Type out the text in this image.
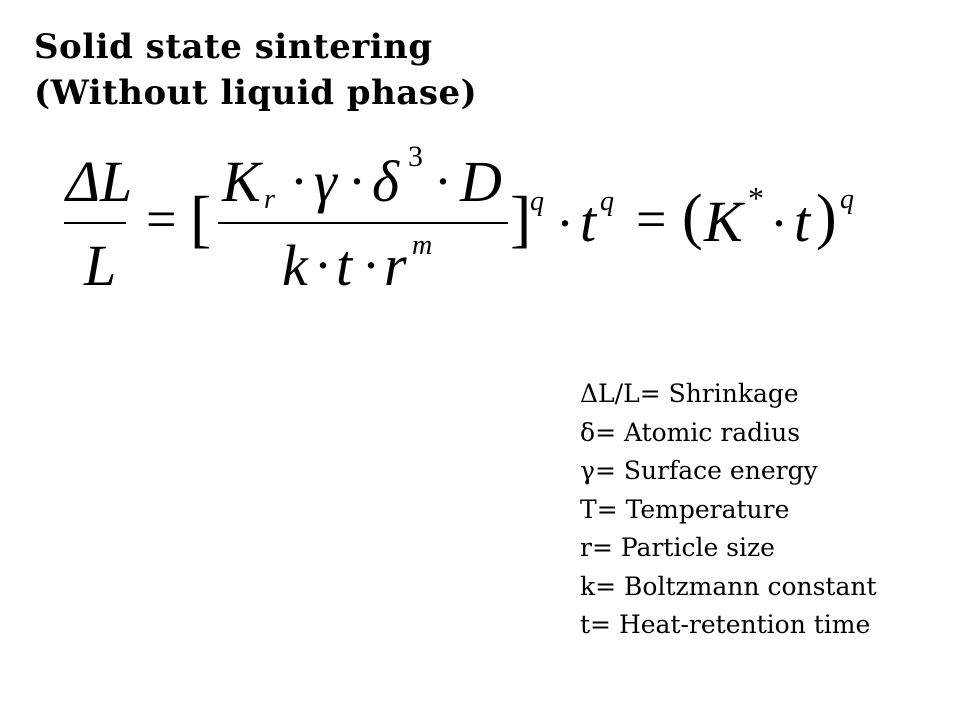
Solid state sintering
(Without liquid phase)
ΔL
L
= [
K r · γ · δ 3 · D
k · t · r m ]
q · t q = ( K * · t ) q
ΔL/L= Shrinkage
δ= Atomic radius
γ= Surface energy
T= Temperature
r= Particle size
k= Boltzmann constant
t= Heat-retention time
